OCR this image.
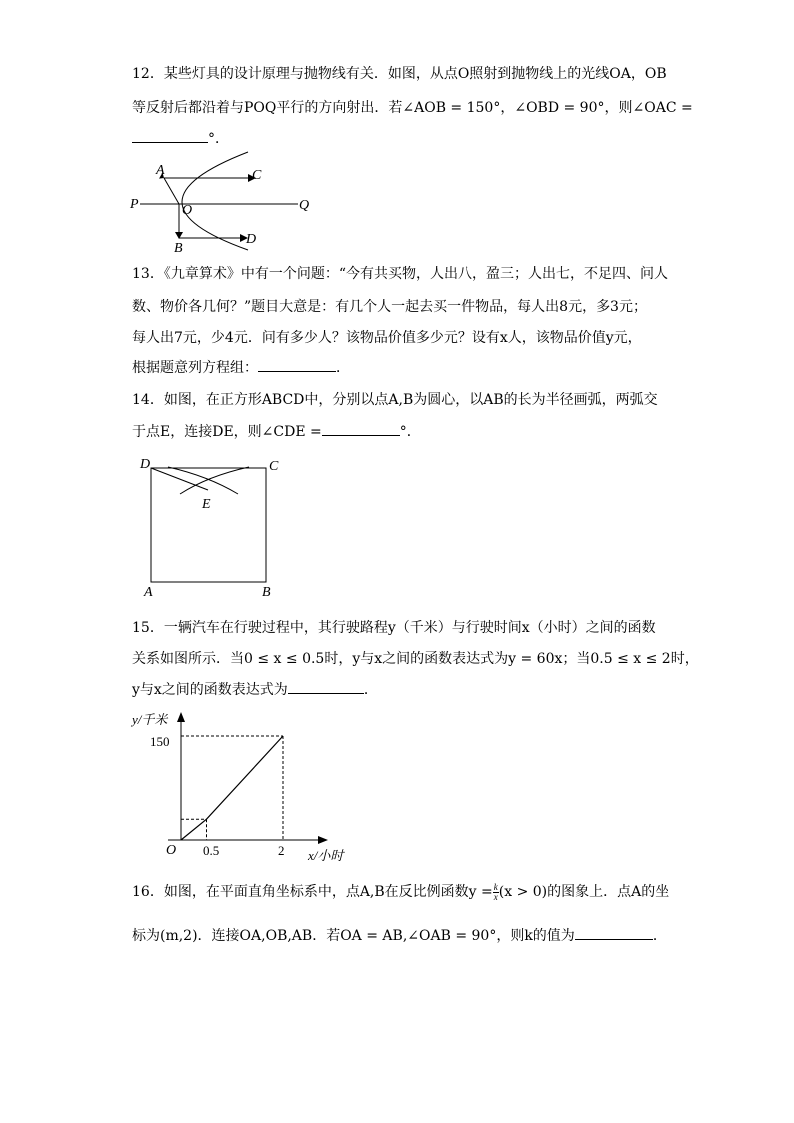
12．某些灯具的设计原理与抛物线有关．如图，从点O照射到抛物线上的光线OA，OB
等反射后都沿着与POQ平行的方向射出．若∠AOB = 150°，∠OBD = 90°，则∠OAC =
°．
A	C
P	O	Q
B
D
13．《九章算术》中有一个问题：“今有共买物，人出八，盈三；人出七，不足四、问人
数、物价各几何？”题目大意是：有几个人一起去买一件物品，每人出8元，多3元；
每人出7元，少4元．问有多少人？该物品价值多少元？设有x人，该物品价值y元，
根据题意列方程组：	．
14．如图，在正方形ABCD中，分别以点A,B为圆心，以AB的长为半径画弧，两弧交
于点E，连接DE，则∠CDE =	°．
D	C
E
A	B
15．一辆汽车在行驶过程中，其行驶路程y（千米）与行驶时间x（小时）之间的函数
关系如图所示．当0 ≤ x ≤ 0.5时，y与x之间的函数表达式为y = 60x；当0.5 ≤ x ≤ 2时，
y与x之间的函数表达式为	．
y/千米
x/小时
O
150
0.5	2
16．如图，在平面直角坐标系中，点A,B在反比例函数$y = \frac{k}{x} (x > 0)$的图象上．点A的坐
标为(m,2)．连接OA,OB,AB．若OA = AB,∠OAB = 90°，则k的值为	．
